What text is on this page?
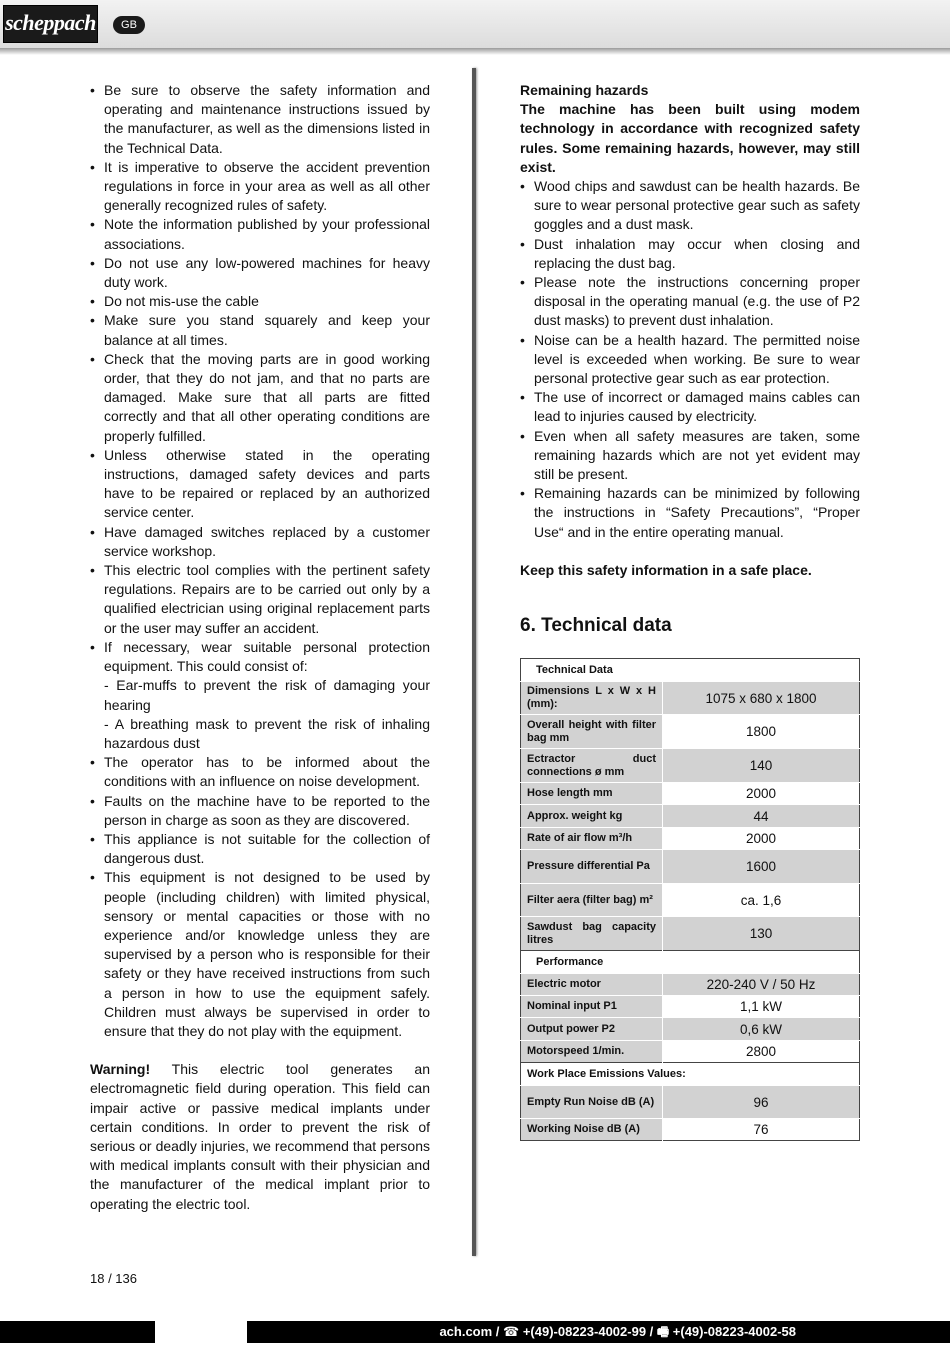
scheppach	GB
• Be sure to observe the safety information and operating and maintenance instructions issued by the manufacturer, as well as the dimensions listed in the Technical Data.
• It is imperative to observe the accident prevention regulations in force in your area as well as all other generally recognized rules of safety.
• Note the information published by your professional associations.
• Do not use any low-powered machines for heavy duty work.
• Do not mis-use the cable
• Make sure you stand squarely and keep your balance at all times.
• Check that the moving parts are in good working order, that they do not jam, and that no parts are damaged. Make sure that all parts are fitted correctly and that all other operating conditions are properly fulfilled.
• Unless otherwise stated in the operating instructions, damaged safety devices and parts have to be repaired or replaced by an authorized service center.
• Have damaged switches replaced by a customer service workshop.
• This electric tool complies with the pertinent safety regulations. Repairs are to be carried out only by a qualified electrician using original replacement parts or the user may suffer an accident.
• If necessary, wear suitable personal protection equipment. This could consist of:
- Ear-muffs to prevent the risk of damaging your hearing
- A breathing mask to prevent the risk of inhaling hazardous dust
• The operator has to be informed about the conditions with an influence on noise development.
• Faults on the machine have to be reported to the person in charge as soon as they are discovered.
• This appliance is not suitable for the collection of dangerous dust.
• This equipment is not designed to be used by people (including children) with limited physical, sensory or mental capacities or those with no experience and/or knowledge unless they are supervised by a person who is responsible for their safety or they have received instructions from such a person in how to use the equipment safely. Children must always be supervised in order to ensure that they do not play with the equipment.

Warning! This electric tool generates an electromagnetic field during operation. This field can impair active or passive medical implants under certain conditions. In order to prevent the risk of serious or deadly injuries, we recommend that persons with medical implants consult with their physician and the manufacturer of the medical implant prior to operating the electric tool.

Remaining hazards
The machine has been built using modem technology in accordance with recognized safety rules. Some remaining hazards, however, may still exist.
• Wood chips and sawdust can be health hazards. Be sure to wear personal protective gear such as safety goggles and a dust mask.
• Dust inhalation may occur when closing and replacing the dust bag.
• Please note the instructions concerning proper disposal in the operating manual (e.g. the use of P2 dust masks) to prevent dust inhalation.
• Noise can be a health hazard. The permitted noise level is exceeded when working. Be sure to wear personal protective gear such as ear protection.
• The use of incorrect or damaged mains cables can lead to injuries caused by electricity.
• Even when all safety measures are taken, some remaining hazards which are not yet evident may still be present.
• Remaining hazards can be minimized by following the instructions in “Safety Precautions”, “Proper Use“ and in the entire operating manual.
Keep this safety information in a safe place.
6. Technical data
Technical Data	
Dimensions L x W x H (mm):	1075 x 680 x 1800
Overall height with filter bag mm	1800
Ectractor duct connections ø mm	140
Hose length mm	2000
Approx. weight kg	44
Rate of air flow m³/h	2000
Pressure differential Pa	1600
Filter aera (filter bag) m²	ca. 1,6
Sawdust bag capacity litres	130
Performance	
Electric motor	220-240 V / 50 Hz
Nominal input P1	1,1 kW
Output power P2	0,6 kW
Motorspeed 1/min.	2800
Work Place Emissions Values:	
Empty Run Noise dB (A)	96
Working Noise dB (A)	76
18 / 136
ach.com / ☎ +(49)-08223-4002-99 / 🖷 +(49)-08223-4002-58
